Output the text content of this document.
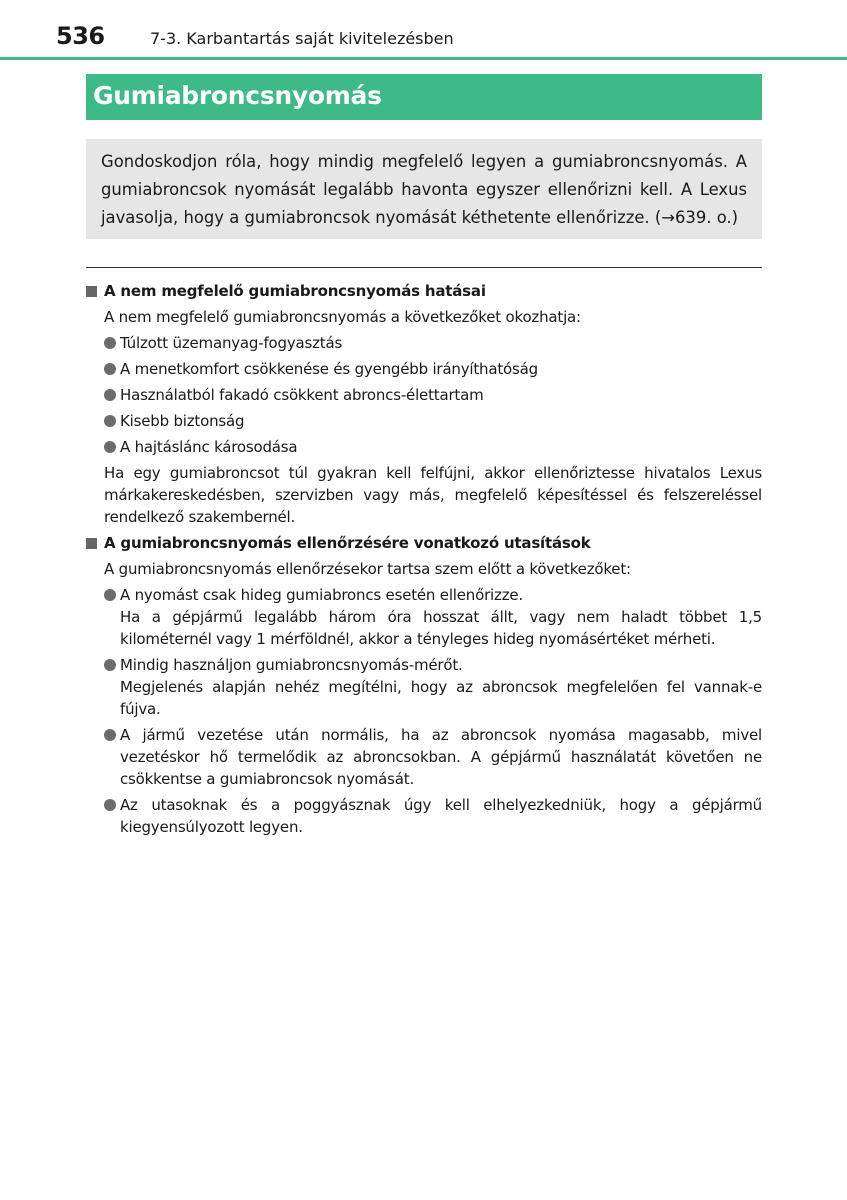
536	7-3. Karbantartás saját kivitelezésben
Gumiabroncsnyomás
Gondoskodjon róla, hogy mindig megfelelő legyen a gumiabroncsnyomás. A gumiabroncsok nyomását legalább havonta egyszer ellenőrizni kell. A Lexus javasolja, hogy a gumiabroncsok nyomását kéthetente ellenőrizze. (→639. o.)
A nem megfelelő gumiabroncsnyomás hatásai
A nem megfelelő gumiabroncsnyomás a következőket okozhatja:
Túlzott üzemanyag-fogyasztás
A menetkomfort csökkenése és gyengébb irányíthatóság
Használatból fakadó csökkent abroncs-élettartam
Kisebb biztonság
A hajtáslánc károsodása
Ha egy gumiabroncsot túl gyakran kell felfújni, akkor ellenőriztesse hivatalos Lexus márkakereskedésben, szervizben vagy más, megfelelő képesítéssel és felszereléssel rendelkező szakembernél.
A gumiabroncsnyomás ellenőrzésére vonatkozó utasítások
A gumiabroncsnyomás ellenőrzésekor tartsa szem előtt a következőket:
A nyomást csak hideg gumiabroncs esetén ellenőrizze.
Ha a gépjármű legalább három óra hosszat állt, vagy nem haladt többet 1,5 kilométernél vagy 1 mérföldnél, akkor a tényleges hideg nyomásértéket mérheti.
Mindig használjon gumiabroncsnyomás-mérőt.
Megjelenés alapján nehéz megítélni, hogy az abroncsok megfelelően fel vannak-e fújva.
A jármű vezetése után normális, ha az abroncsok nyomása magasabb, mivel vezetéskor hő termelődik az abroncsokban. A gépjármű használatát követően ne csökkentse a gumiabroncsok nyomását.
Az utasoknak és a poggyásznak úgy kell elhelyezkedniük, hogy a gépjármű kiegyensúlyozott legyen.
